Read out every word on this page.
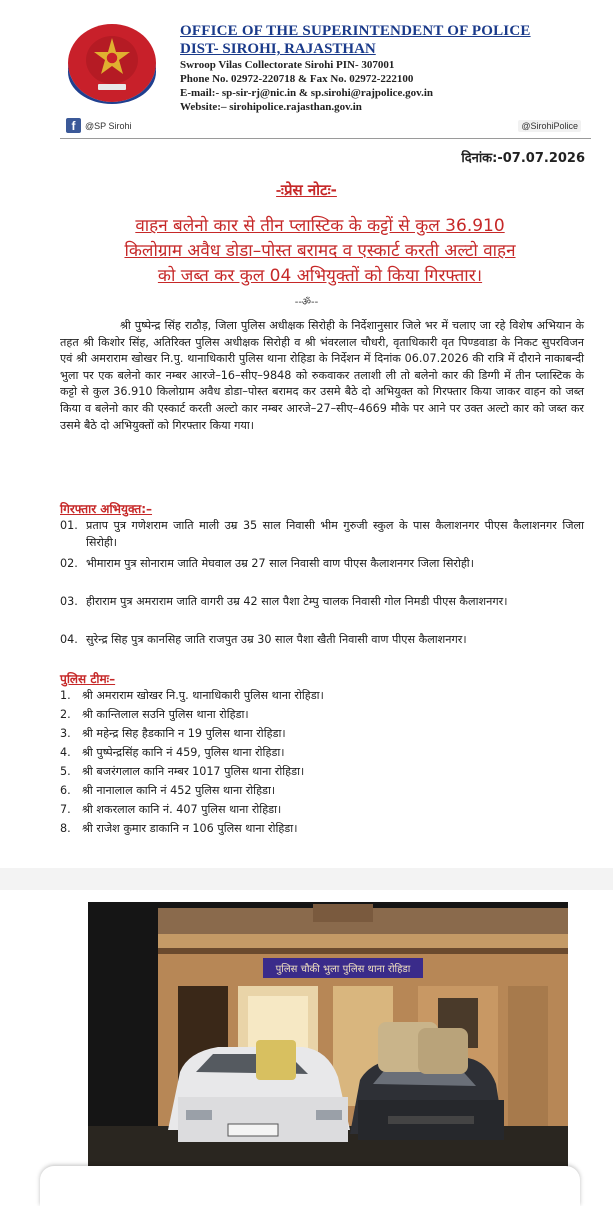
OFFICE OF THE SUPERINTENDENT OF POLICE
DIST- SIROHI, RAJASTHAN
Swroop Vilas Collectorate Sirohi PIN- 307001
Phone No. 02972-220718 & Fax No. 02972-222100
E-mail:- sp-sir-rj@nic.in & sp.sirohi@rajpolice.gov.in
Website:– sirohipolice.rajasthan.gov.in
f	@SP Sirohi	@SirohiPolice
दिनांक:-07.07.2026
-ःप्रेस नोटः-
वाहन बलेनो कार से तीन प्लास्टिक के कट्टों से कुल 36.910
किलोग्राम अवैध डोडा–पोस्त बरामद व एस्कार्ट करती अल्टो वाहन
को जब्त कर कुल 04 अभियुक्तों को किया गिरफ्तार।
--ॐ--
श्री पुष्पेन्द्र सिंह राठौड़, जिला पुलिस अधीक्षक सिरोही के निर्देशानुसार जिले भर में चलाए जा रहे विशेष अभियान के तहत श्री किशोर सिंह, अतिरिक्त पुलिस अधीक्षक सिरोही व श्री भंवरलाल चौधरी, वृताधिकारी वृत पिण्डवाडा के निकट सुपरविजन एवं श्री अमराराम खोखर नि.पु. थानाधिकारी पुलिस थाना रोहिडा के निर्देशन में दिनांक 06.07.2026 की रात्रि में दौराने नाकाबन्दी भुला पर एक बलेनो कार नम्बर आरजे–16–सीए–9848 को रुकवाकर तलाशी ली तो बलेनो कार की डिग्गी में तीन प्लास्टिक के कट्टो से कुल 36.910 किलोग्राम अवैध डोडा–पोस्त बरामद कर उसमे बैठे दो अभियुक्त को गिरफ्तार किया जाकर वाहन को जब्त किया व बलेनो कार की एस्कार्ट करती अल्टो कार नम्बर आरजे–27–सीए–4669 मौके पर आने पर उक्त अल्टो कार को जब्त कर उसमे बैठे दो अभियुक्तों को गिरफ्तार किया गया।
गिरफ्तार अभियुक्त:–
01. प्रताप पुत्र गणेशराम जाति माली उम्र 35 साल निवासी भीम गुरुजी स्कुल के पास कैलाशनगर पीएस कैलाशनगर जिला सिरोही।
02. भीमाराम पुत्र सोनाराम जाति मेघवाल उम्र 27 साल निवासी वाण पीएस कैलाशनगर जिला सिरोही।
03. हीराराम पुत्र अमराराम जाति वागरी उम्र 42 साल पैशा टेम्पु चालक निवासी गोल निमडी पीएस कैलाशनगर।
04. सुरेन्द्र सिह पुत्र कानसिह जाति राजपुत उम्र 30 साल पैशा खैती निवासी वाण पीएस कैलाशनगर।
पुलिस टीमः–
1.	श्री अमराराम खोखर नि.पु. थानाधिकारी पुलिस थाना रोहिडा।
2.	श्री कान्तिलाल सउनि पुलिस थाना रोहिडा।
3.	श्री महेन्द्र सिह हैडकानि न 19 पुलिस थाना रोहिडा।
4.	श्री पुष्पेन्द्रसिंह कानि नं 459, पुलिस थाना रोहिडा।
5.	श्री बजरंगलाल कानि नम्बर 1017 पुलिस थाना रोहिडा।
6.	श्री नानालाल कानि नं 452 पुलिस थाना रोहिडा।
7.	श्री शकरलाल कानि नं. 407 पुलिस थाना रोहिडा।
8.	श्री राजेश कुमार डाकानि न 106 पुलिस थाना रोहिडा।
पुलिस चौकी भुला पुलिस थाना रोहिडा
